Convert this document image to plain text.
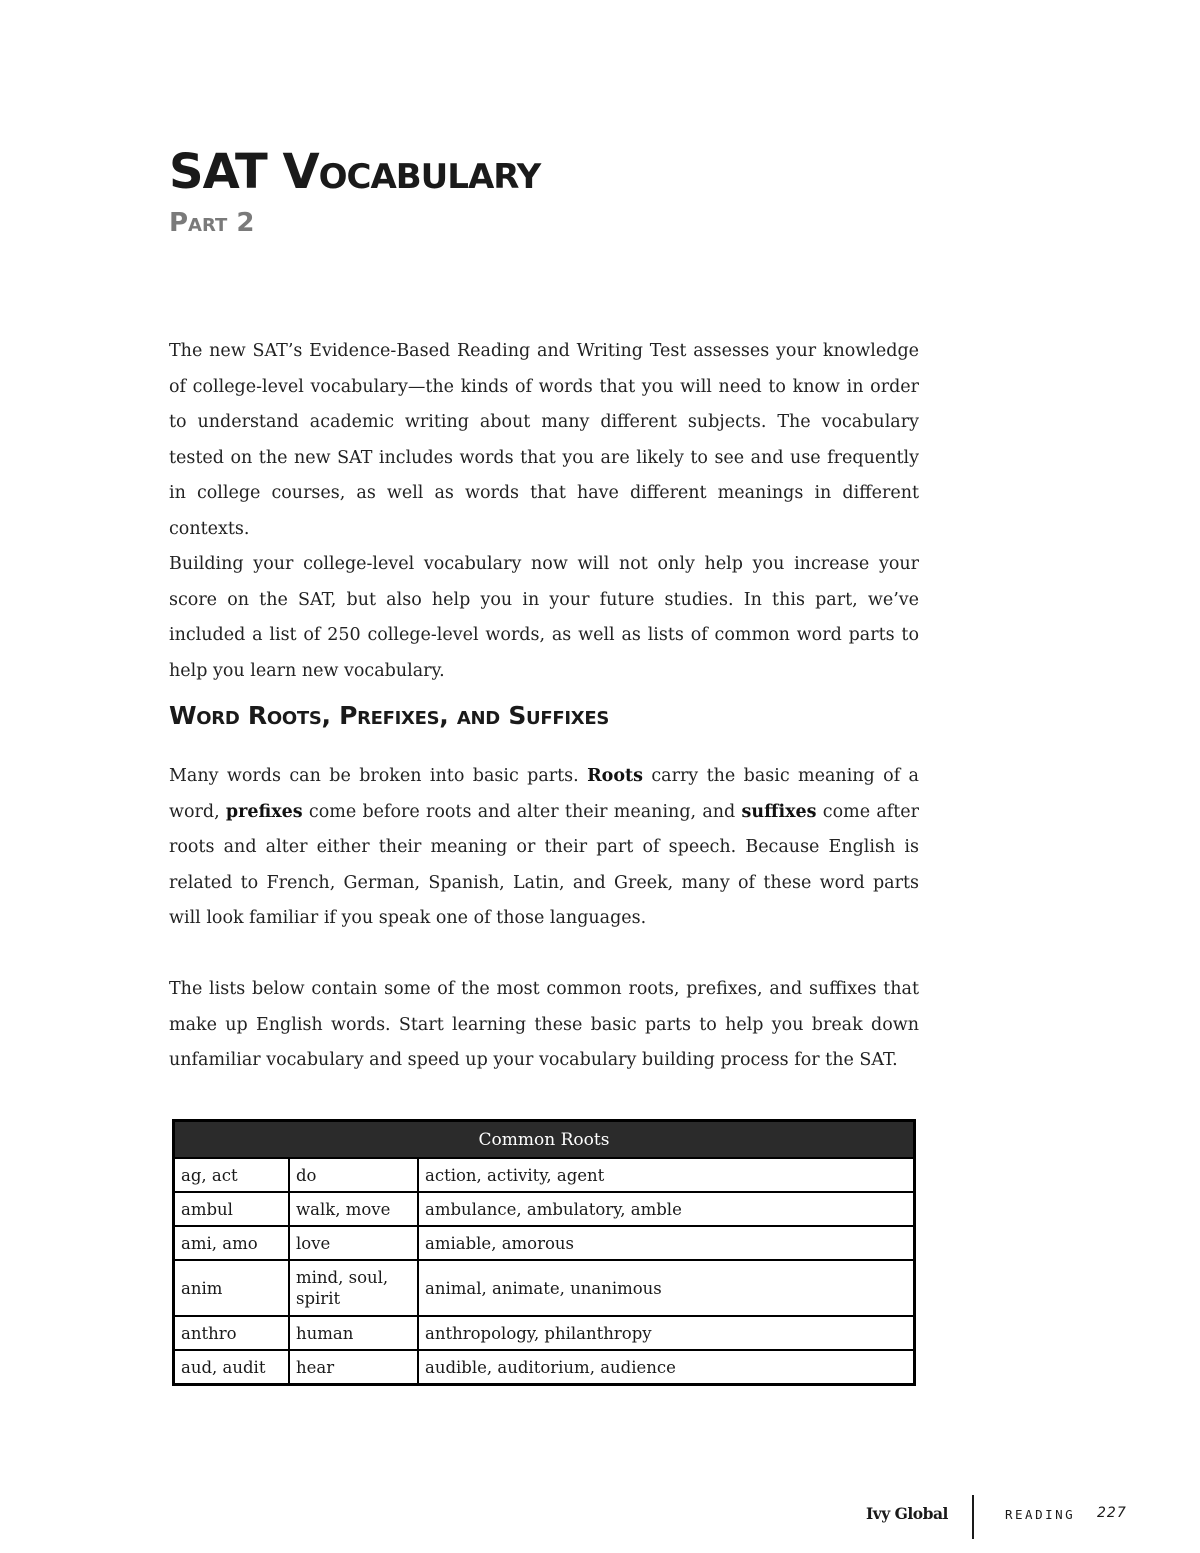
SAT Vocabulary
Part 2

The new SAT’s Evidence-Based Reading and Writing Test assesses your knowledge of college-level vocabulary—the kinds of words that you will need to know in order to understand academic writing about many different subjects. The vocabulary tested on the new SAT includes words that you are likely to see and use frequently in college courses, as well as words that have different meanings in different contexts.

Building your college-level vocabulary now will not only help you increase your score on the SAT, but also help you in your future studies. In this part, we’ve included a list of 250 college-level words, as well as lists of common word parts to help you learn new vocabulary.

Word Roots, Prefixes, and Suffixes

Many words can be broken into basic parts. Roots carry the basic meaning of a word, prefixes come before roots and alter their meaning, and suffixes come after roots and alter either their meaning or their part of speech. Because English is related to French, German, Spanish, Latin, and Greek, many of these word parts will look familiar if you speak one of those languages.

The lists below contain some of the most common roots, prefixes, and suffixes that make up English words. Start learning these basic parts to help you break down unfamiliar vocabulary and speed up your vocabulary building process for the SAT.

Common Roots		
ag, act	do	action, activity, agent
ambul	walk, move	ambulance, ambulatory, amble
ami, amo	love	amiable, amorous
anim	mind, soul, spirit	animal, animate, unanimous
anthro	human	anthropology, philanthropy
aud, audit	hear	audible, auditorium, audience
Ivy Global	READING 227
